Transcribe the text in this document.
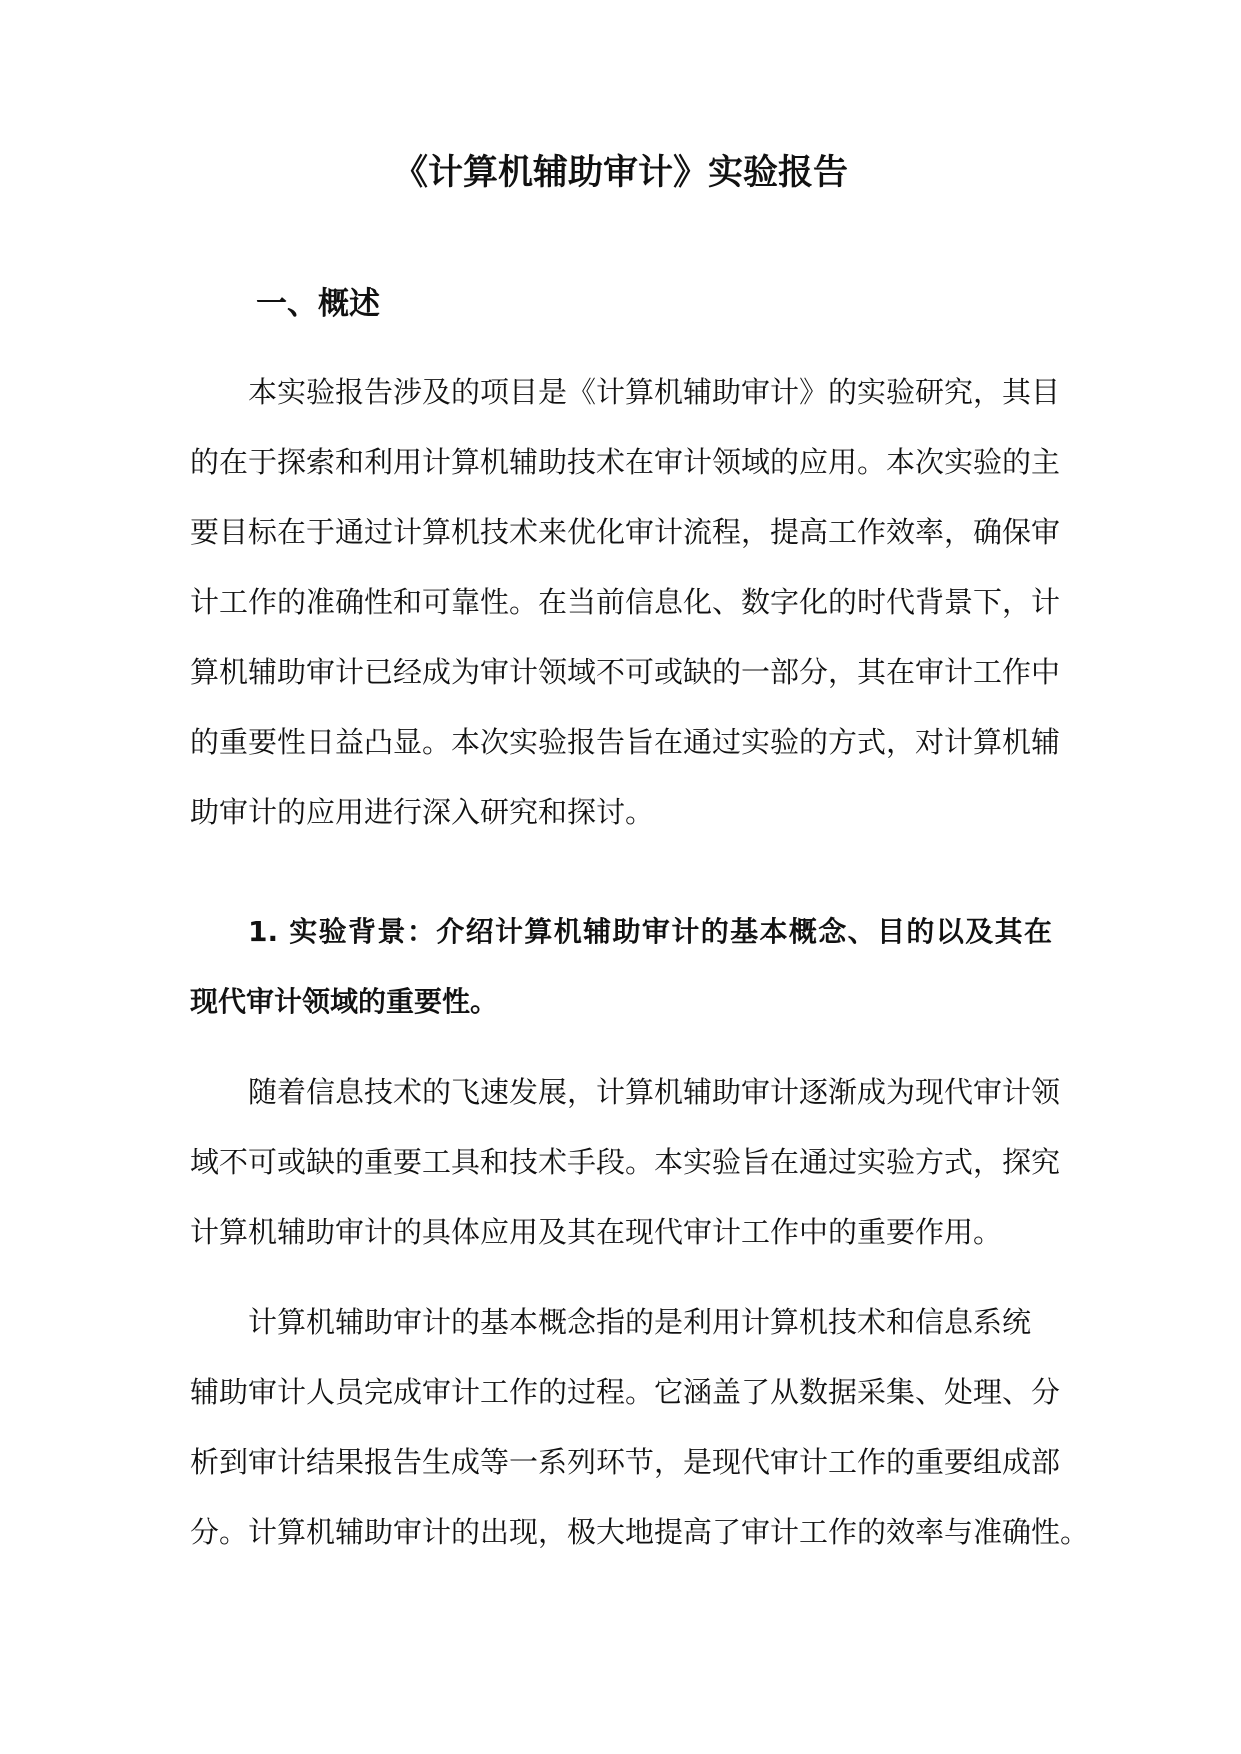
《计算机辅助审计》实验报告
一、概述
本实验报告涉及的项目是《计算机辅助审计》的实验研究，其目
的在于探索和利用计算机辅助技术在审计领域的应用。本次实验的主
要目标在于通过计算机技术来优化审计流程，提高工作效率，确保审
计工作的准确性和可靠性。在当前信息化、数字化的时代背景下，计
算机辅助审计已经成为审计领域不可或缺的一部分，其在审计工作中
的重要性日益凸显。本次实验报告旨在通过实验的方式，对计算机辅
助审计的应用进行深入研究和探讨。
1. 实验背景：介绍计算机辅助审计的基本概念、目的以及其在
现代审计领域的重要性。
随着信息技术的飞速发展，计算机辅助审计逐渐成为现代审计领
域不可或缺的重要工具和技术手段。本实验旨在通过实验方式，探究
计算机辅助审计的具体应用及其在现代审计工作中的重要作用。
计算机辅助审计的基本概念指的是利用计算机技术和信息系统
辅助审计人员完成审计工作的过程。它涵盖了从数据采集、处理、分
析到审计结果报告生成等一系列环节，是现代审计工作的重要组成部
分。计算机辅助审计的出现，极大地提高了审计工作的效率与准确性。
